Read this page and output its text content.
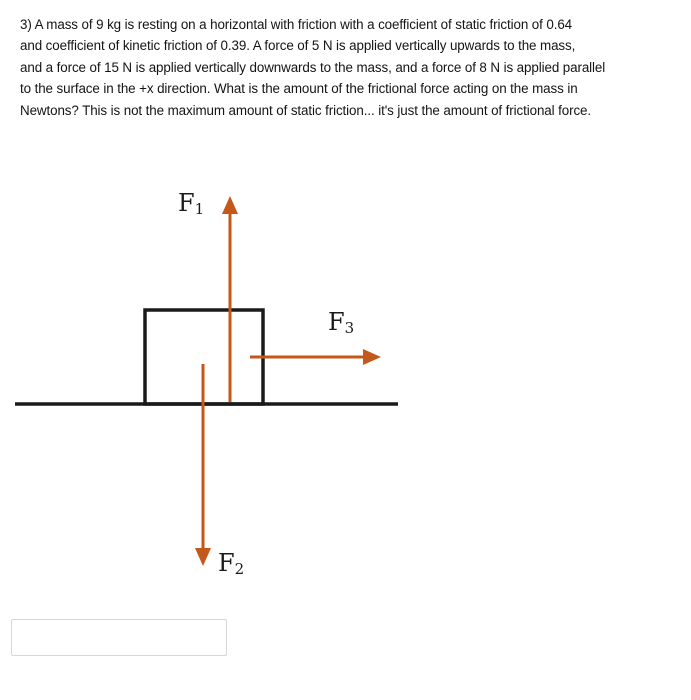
3) A mass of 9 kg is resting on a horizontal with friction with a coefficient of static friction of 0.64
and coefficient of kinetic friction of 0.39. A force of 5 N is applied vertically upwards to the mass,
and a force of 15 N is applied vertically downwards to the mass, and a force of 8 N is applied parallel
to the surface in the +x direction. What is the amount of the frictional force acting on the mass in
Newtons? This is not the maximum amount of static friction... it's just the amount of frictional force.
F1
F3
F2
